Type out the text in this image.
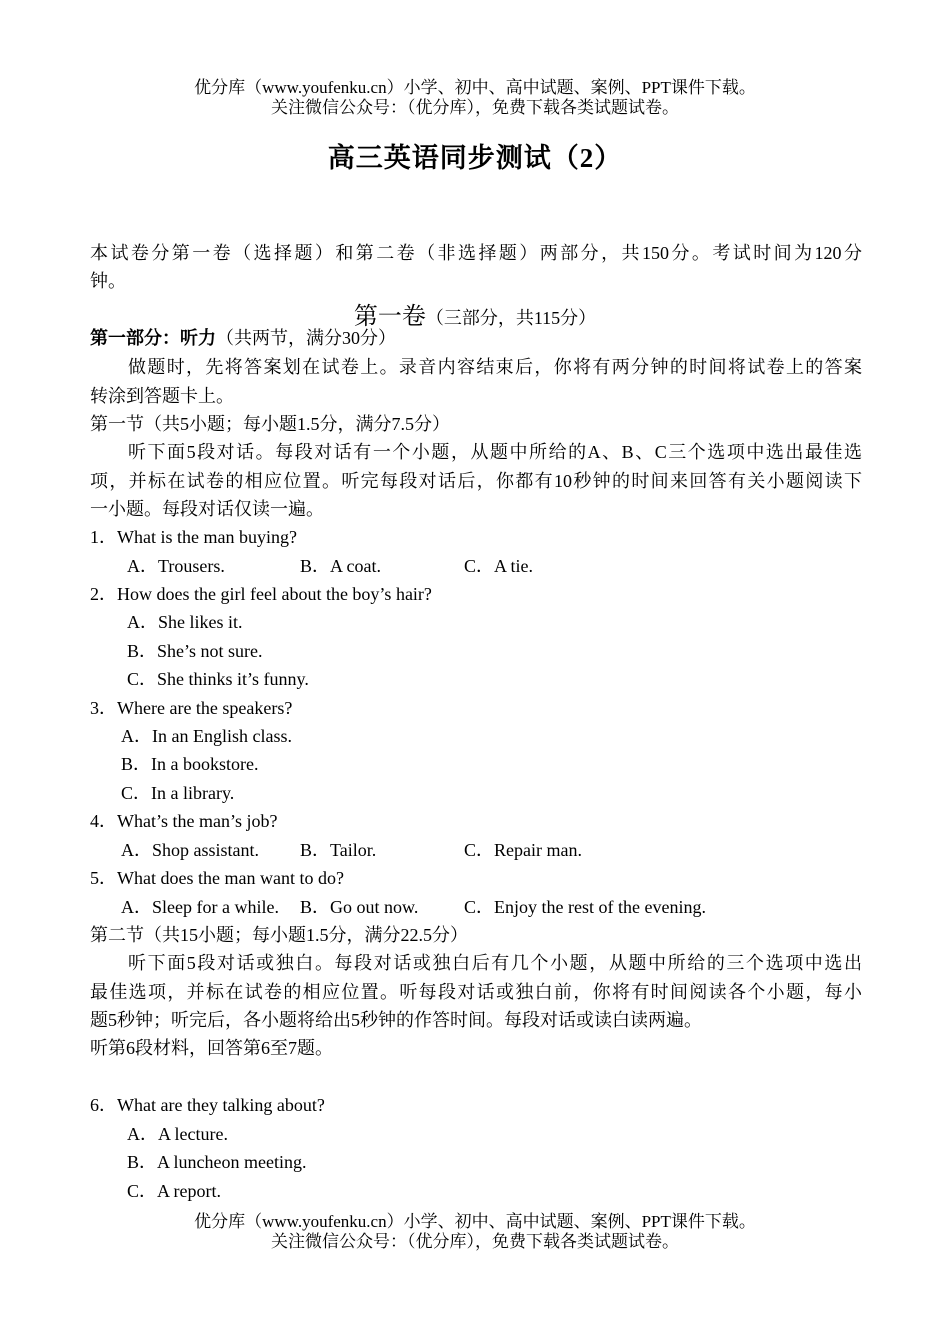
优分库（www.youfenku.cn）小学、初中、高中试题、案例、PPT课件下载。
关注微信公众号：（优分库），免费下载各类试题试卷。
高三英语同步测试（2）
本试卷分第一卷（选择题）和第二卷（非选择题）两部分，共150分。考试时间为120分
钟。
第一卷（三部分，共115分）
第一部分：听力（共两节，满分30分）
做题时，先将答案划在试卷上。录音内容结束后，你将有两分钟的时间将试卷上的答案
转涂到答题卡上。
第一节（共5小题；每小题1.5分，满分7.5分）
听下面5段对话。每段对话有一个小题，从题中所给的A、B、C三个选项中选出最佳选
项，并标在试卷的相应位置。听完每段对话后，你都有10秒钟的时间来回答有关小题阅读下
一小题。每段对话仅读一遍。
1．What is the man buying?
A．Trousers.	B．A coat.	C．A tie.
2．How does the girl feel about the boy’s hair?
A．She likes it.
B．She’s not sure.
C．She thinks it’s funny.
3．Where are the speakers?
A．In an English class.
B．In a bookstore.
C．In a library.
4．What’s the man’s job?
A．Shop assistant. B．Tailor.	C．Repair man.
5．What does the man want to do?
A．Sleep for a while. B．Go out now.	C．Enjoy the rest of the evening.
第二节（共15小题；每小题1.5分，满分22.5分）
听下面5段对话或独白。每段对话或独白后有几个小题，从题中所给的三个选项中选出
最佳选项，并标在试卷的相应位置。听每段对话或独白前，你将有时间阅读各个小题，每小
题5秒钟；听完后，各小题将给出5秒钟的作答时间。每段对话或读白读两遍。
听第6段材料，回答第6至7题。
6．What are they talking about?
A．A lecture.
B．A luncheon meeting.
C．A report.
优分库（www.youfenku.cn）小学、初中、高中试题、案例、PPT课件下载。
关注微信公众号：（优分库），免费下载各类试题试卷。
